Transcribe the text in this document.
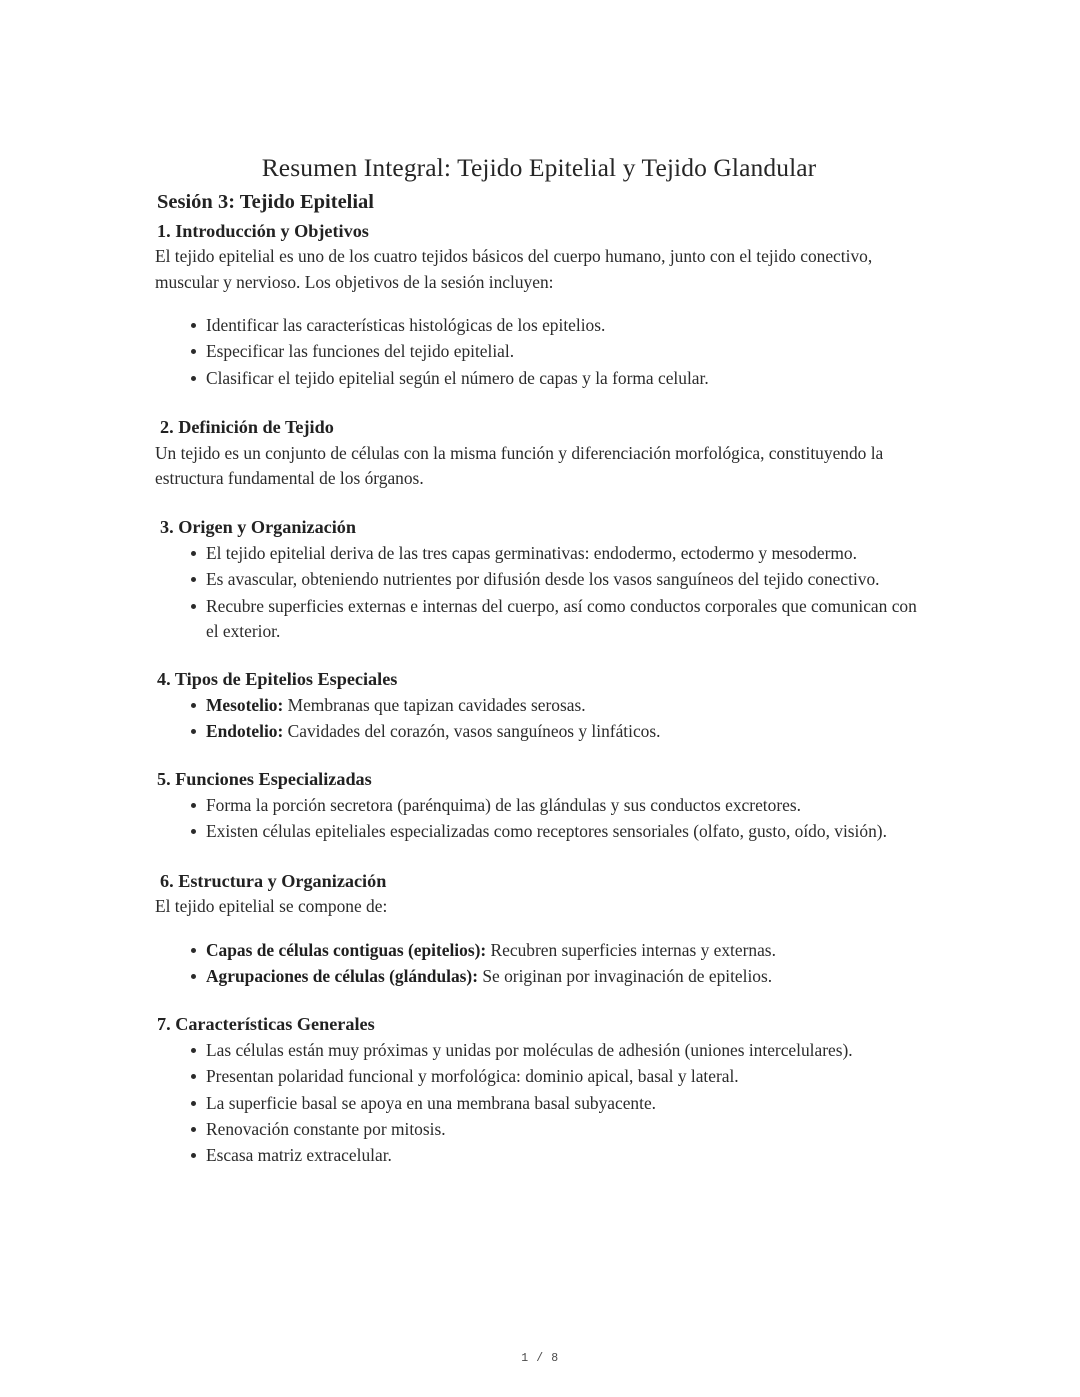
Resumen Integral: Tejido Epitelial y Tejido Glandular
Sesión 3: Tejido Epitelial
1. Introducción y Objetivos

El tejido epitelial es uno de los cuatro tejidos básicos del cuerpo humano, junto con el tejido conectivo, muscular y nervioso. Los objetivos de la sesión incluyen:

Identificar las características histológicas de los epitelios.
Especificar las funciones del tejido epitelial.
Clasificar el tejido epitelial según el número de capas y la forma celular.
2. Definición de Tejido

Un tejido es un conjunto de células con la misma función y diferenciación morfológica, constituyendo la estructura fundamental de los órganos.

3. Origen y Organización
El tejido epitelial deriva de las tres capas germinativas: endodermo, ectodermo y mesodermo.
Es avascular, obteniendo nutrientes por difusión desde los vasos sanguíneos del tejido conectivo.
Recubre superficies externas e internas del cuerpo, así como conductos corporales que comunican con el exterior.
4. Tipos de Epitelios Especiales
Mesotelio: Membranas que tapizan cavidades serosas.
Endotelio: Cavidades del corazón, vasos sanguíneos y linfáticos.
5. Funciones Especializadas
Forma la porción secretora (parénquima) de las glándulas y sus conductos excretores.
Existen células epiteliales especializadas como receptores sensoriales (olfato, gusto, oído, visión).
6. Estructura y Organización

El tejido epitelial se compone de:

Capas de células contiguas (epitelios): Recubren superficies internas y externas.
Agrupaciones de células (glándulas): Se originan por invaginación de epitelios.
7. Características Generales
Las células están muy próximas y unidas por moléculas de adhesión (uniones intercelulares).
Presentan polaridad funcional y morfológica: dominio apical, basal y lateral.
La superficie basal se apoya en una membrana basal subyacente.
Renovación constante por mitosis.
Escasa matriz extracelular.
1 / 8
